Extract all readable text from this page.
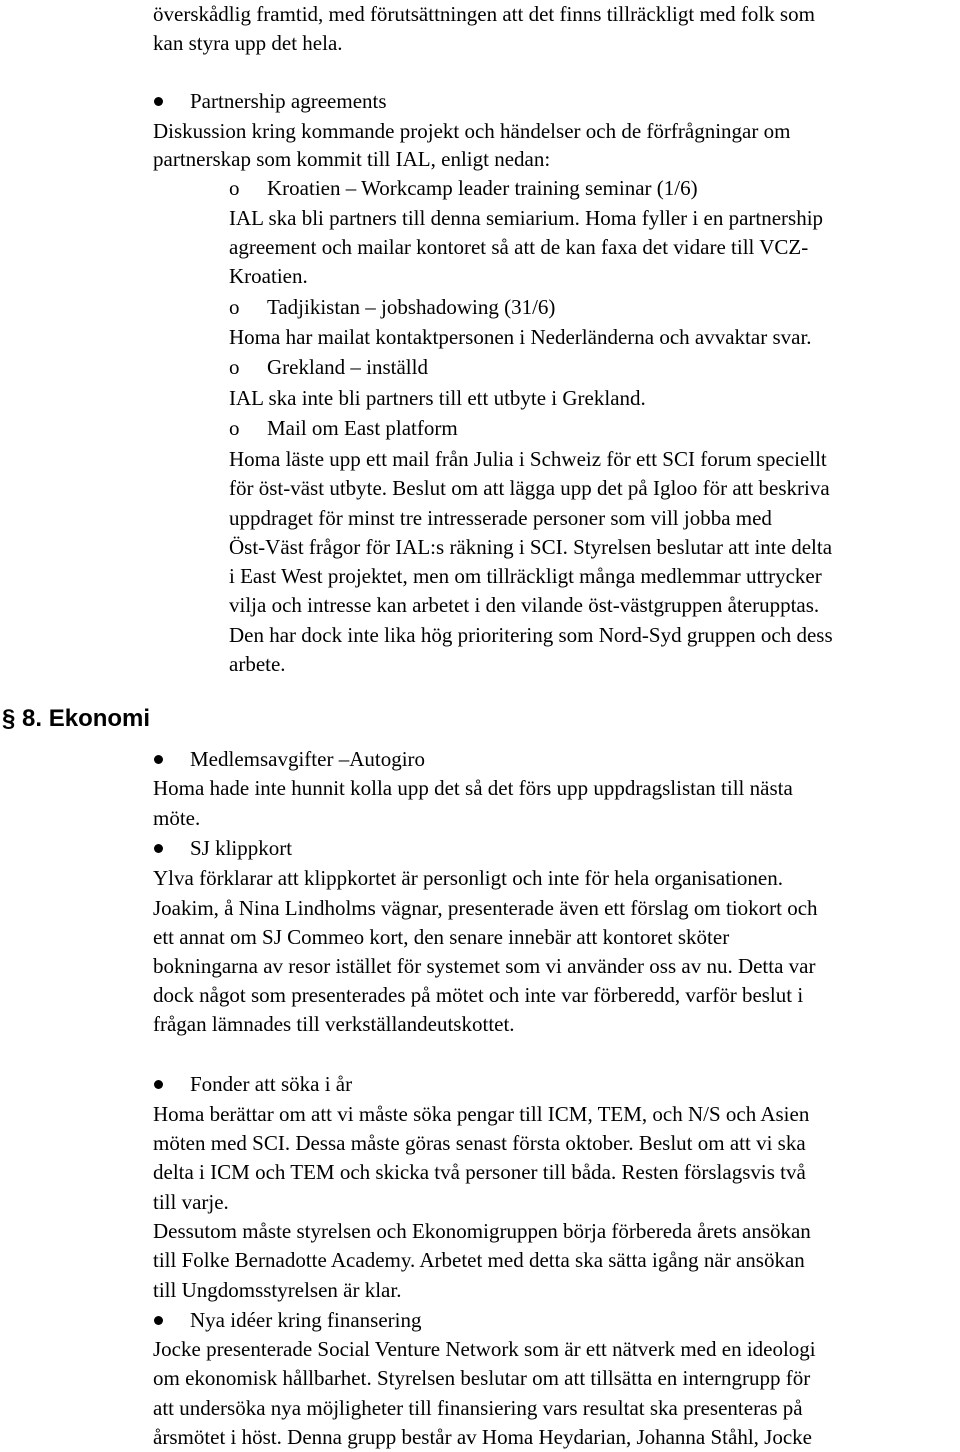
överskådlig framtid, med förutsättningen att det finns tillräckligt med folk som
kan styra upp det hela.
Partnership agreements
Diskussion kring kommande projekt och händelser och de förfrågningar om
partnerskap som kommit till IAL, enligt nedan:
o Kroatien – Workcamp leader training seminar (1/6)
IAL ska bli partners till denna semiarium. Homa fyller i en partnership
agreement och mailar kontoret så att de kan faxa det vidare till VCZ-
Kroatien.
o Tadjikistan – jobshadowing (31/6)
Homa har mailat kontaktpersonen i Nederländerna och avvaktar svar.
o Grekland – inställd
IAL ska inte bli partners till ett utbyte i Grekland.
o Mail om East platform
Homa läste upp ett mail från Julia i Schweiz för ett SCI forum speciellt
för öst-väst utbyte. Beslut om att lägga upp det på Igloo för att beskriva
uppdraget för minst tre intresserade personer som vill jobba med
Öst-Väst frågor för IAL:s räkning i SCI. Styrelsen beslutar att inte delta
i East West projektet, men om tillräckligt många medlemmar uttrycker
vilja och intresse kan arbetet i den vilande öst-västgruppen återupptas.
Den har dock inte lika hög prioritering som Nord-Syd gruppen och dess
arbete.
§ 8. Ekonomi
Medlemsavgifter –Autogiro
Homa hade inte hunnit kolla upp det så det förs upp uppdragslistan till nästa
möte.
SJ klippkort
Ylva förklarar att klippkortet är personligt och inte för hela organisationen.
Joakim, å Nina Lindholms vägnar, presenterade även ett förslag om tiokort och
ett annat om SJ Commeo kort, den senare innebär att kontoret sköter
bokningarna av resor istället för systemet som vi använder oss av nu. Detta var
dock något som presenterades på mötet och inte var förberedd, varför beslut i
frågan lämnades till verkställandeutskottet.
Fonder att söka i år
Homa berättar om att vi måste söka pengar till ICM, TEM, och N/S och Asien
möten med SCI. Dessa måste göras senast första oktober. Beslut om att vi ska
delta i ICM och TEM och skicka två personer till båda. Resten förslagsvis två
till varje.
Dessutom måste styrelsen och Ekonomigruppen börja förbereda årets ansökan
till Folke Bernadotte Academy. Arbetet med detta ska sätta igång när ansökan
till Ungdomsstyrelsen är klar.
Nya idéer kring finansering
Jocke presenterade Social Venture Network som är ett nätverk med en ideologi
om ekonomisk hållbarhet. Styrelsen beslutar om att tillsätta en interngrupp för
att undersöka nya möjligheter till finansiering vars resultat ska presenteras på
årsmötet i höst. Denna grupp består av Homa Heydarian, Johanna Ståhl, Jocke
